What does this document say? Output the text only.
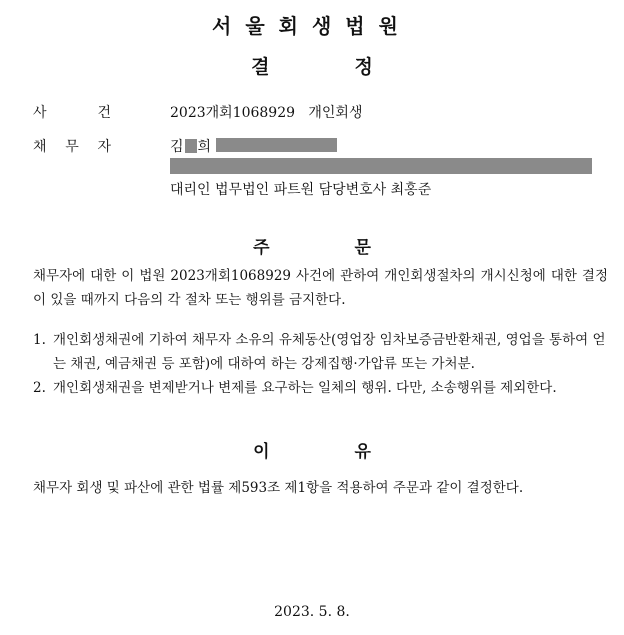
서울회생법원
결	정
사	건	2023개회1068929   개인회생
채 무 자	김 희
대리인 법무법인 파트원 담당변호사 최홍준
주	문
채무자에 대한 이 법원 2023개회1068929 사건에 관하여 개인회생절차의 개시신청에 대한 결정이 있을 때까지 다음의 각 절차 또는 행위를 금지한다.
1. 개인회생채권에 기하여 채무자 소유의 유체동산(영업장 임차보증금반환채권, 영업을 통하여 얻는 채권, 예금채권 등 포함)에 대하여 하는 강제집행·가압류 또는 가처분.
2. 개인회생채권을 변제받거나 변제를 요구하는 일체의 행위. 다만, 소송행위를 제외한다.
이	유
채무자 회생 및 파산에 관한 법률 제593조 제1항을 적용하여 주문과 같이 결정한다.
2023. 5. 8.
